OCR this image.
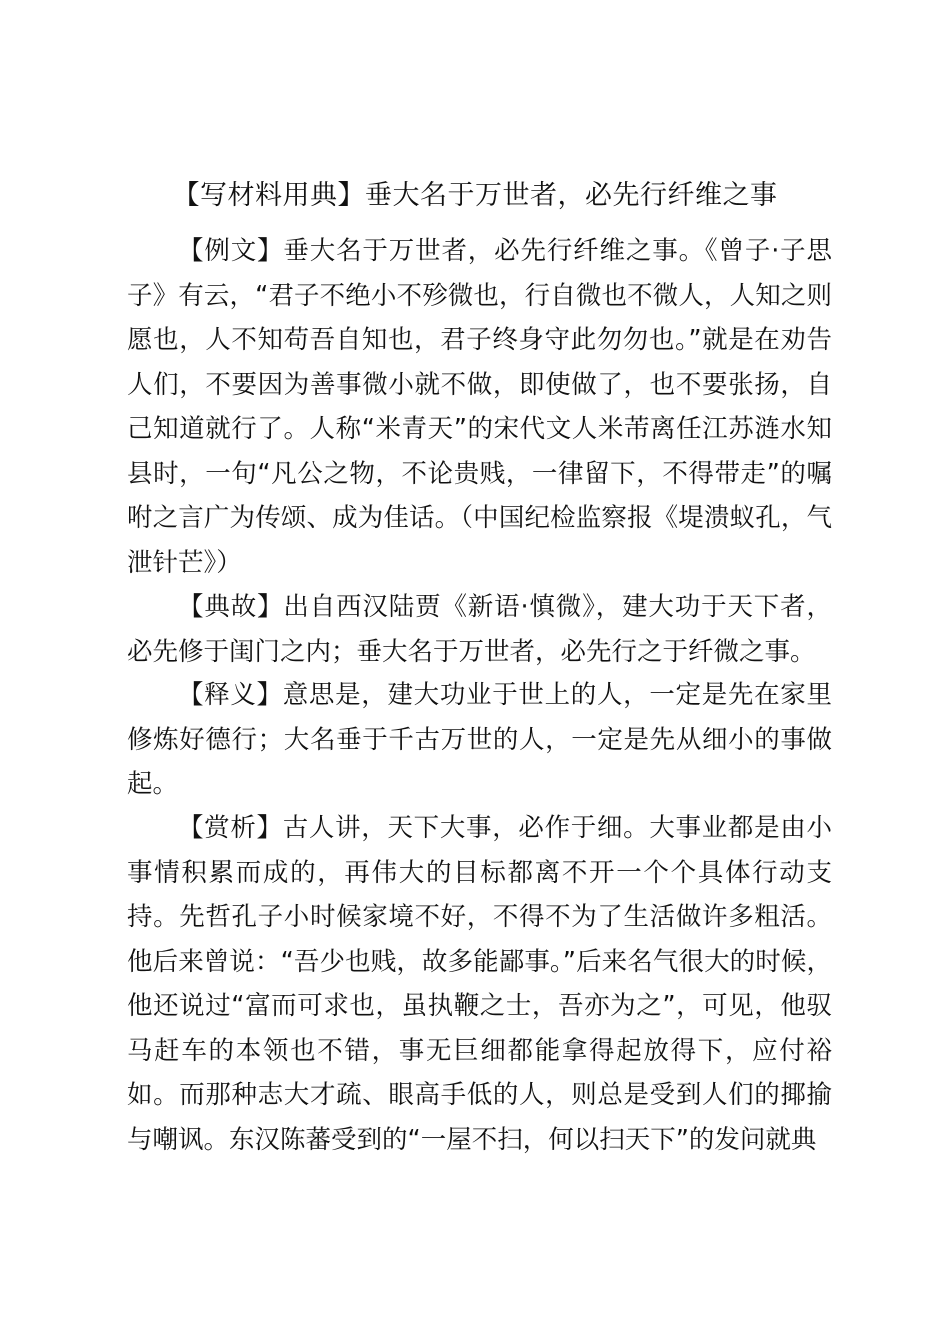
【写材料用典】垂大名于万世者，必先行纤维之事

【例文】垂大名于万世者，必先行纤维之事。《曾子·子思子》有云，“君子不绝小不殄微也，行自微也不微人，人知之则愿也，人不知苟吾自知也，君子终身守此勿勿也。”就是在劝告人们，不要因为善事微小就不做，即使做了，也不要张扬，自己知道就行了。人称“米青天”的宋代文人米芾离任江苏涟水知县时，一句“凡公之物，不论贵贱，一律留下，不得带走”的嘱咐之言广为传颂、成为佳话。（中国纪检监察报《堤溃蚁孔，气泄针芒》）

【典故】出自西汉陆贾《新语·慎微》，建大功于天下者，必先修于闺门之内；垂大名于万世者，必先行之于纤微之事。

【释义】意思是，建大功业于世上的人，一定是先在家里修炼好德行；大名垂于千古万世的人，一定是先从细小的事做起。

【赏析】古人讲，天下大事，必作于细。大事业都是由小事情积累而成的，再伟大的目标都离不开一个个具体行动支持。先哲孔子小时候家境不好，不得不为了生活做许多粗活。他后来曾说：“吾少也贱，故多能鄙事。”后来名气很大的时候，他还说过“富而可求也，虽执鞭之士，吾亦为之”，可见，他驭马赶车的本领也不错，事无巨细都能拿得起放得下，应付裕如。而那种志大才疏、眼高手低的人，则总是受到人们的揶揄与嘲讽。东汉陈蕃受到的“一屋不扫，何以扫天下”的发问就典
